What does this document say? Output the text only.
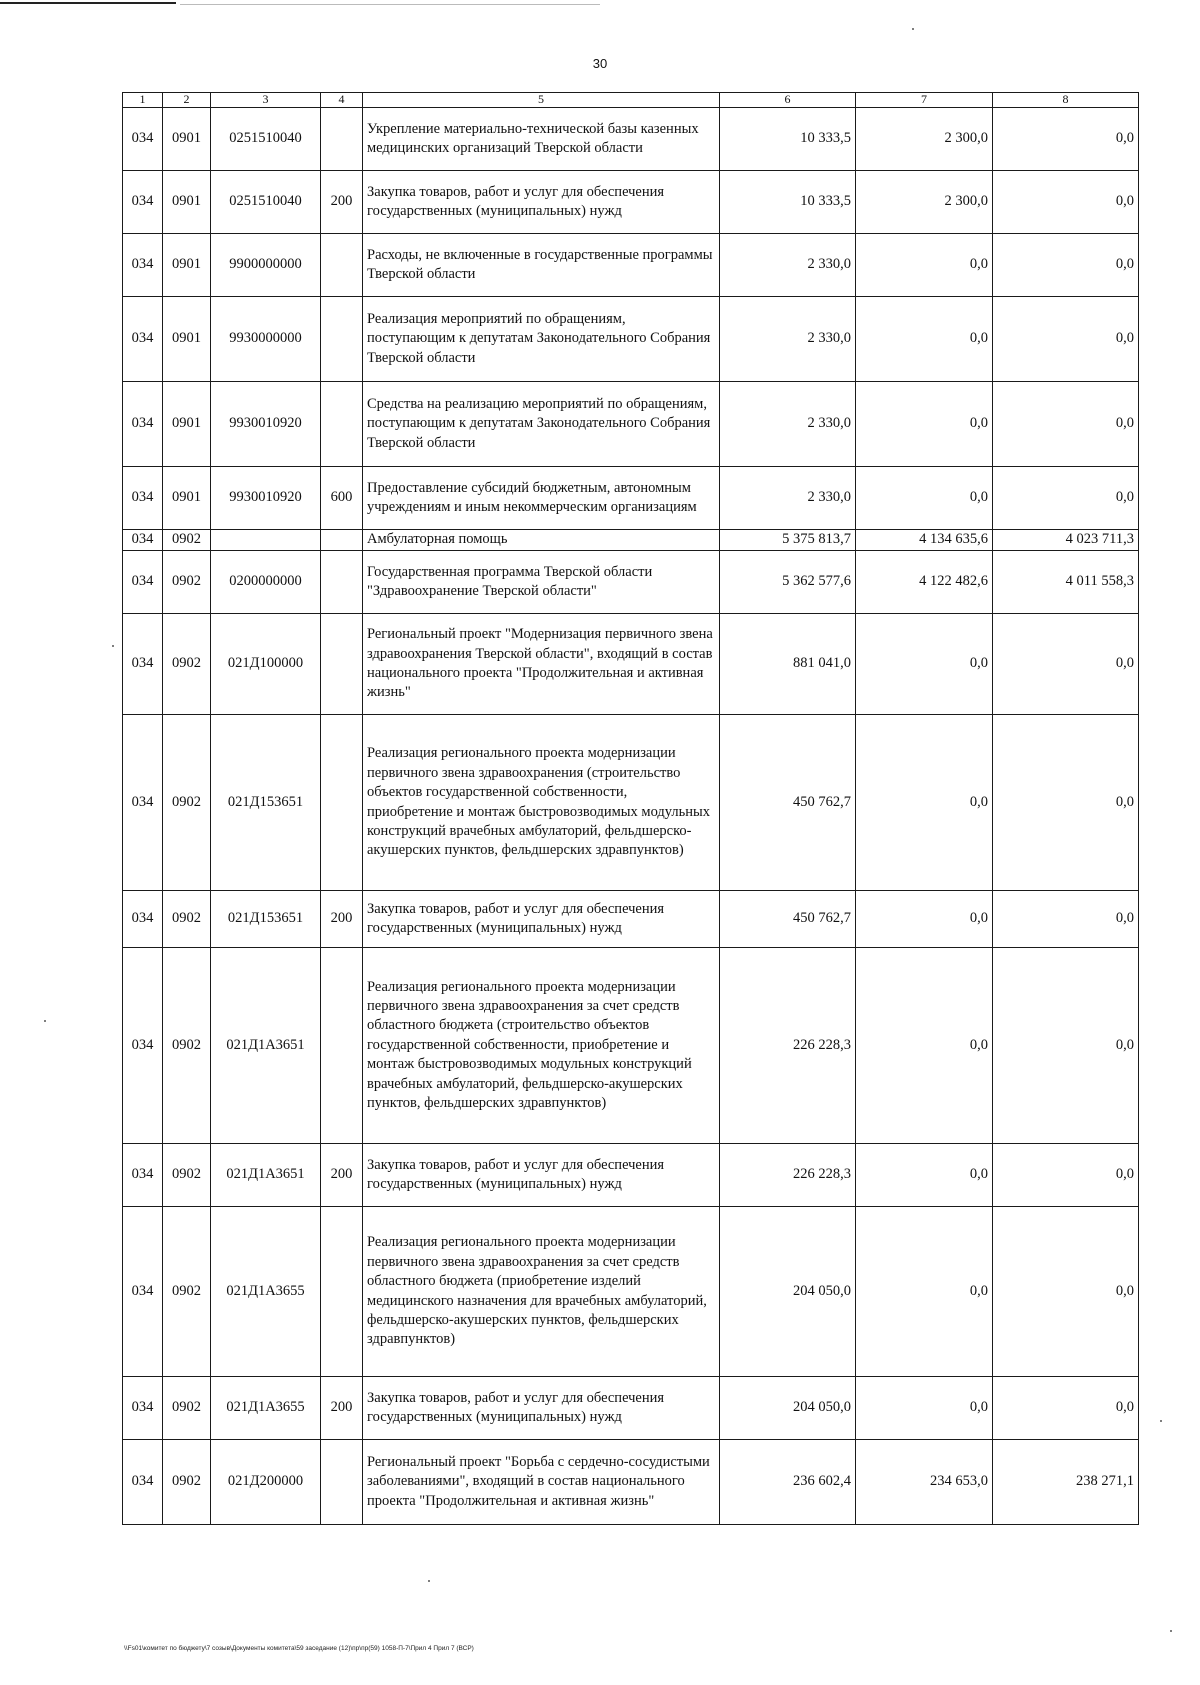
30
1	2	3	4	5	6	7	8
034	0901	0251510040		Укрепление материально-технической базы казенных медицинских организаций Тверской области	10 333,5	2 300,0	0,0
034	0901	0251510040	200	Закупка товаров, работ и услуг для обеспечения государственных (муниципальных) нужд	10 333,5	2 300,0	0,0
034	0901	9900000000		Расходы, не включенные в государственные программы Тверской области	2 330,0	0,0	0,0
034	0901	9930000000		Реализация мероприятий по обращениям, поступающим к депутатам Законодательного Собрания Тверской области	2 330,0	0,0	0,0
034	0901	9930010920		Средства на реализацию мероприятий по обращениям, поступающим к депутатам Законодательного Собрания Тверской области	2 330,0	0,0	0,0
034	0901	9930010920	600	Предоставление субсидий бюджетным, автономным учреждениям и иным некоммерческим организациям	2 330,0	0,0	0,0
034	0902			Амбулаторная помощь	5 375 813,7	4 134 635,6	4 023 711,3
034	0902	0200000000		Государственная программа Тверской области "Здравоохранение Тверской области"	5 362 577,6	4 122 482,6	4 011 558,3
034	0902	021Д100000		Региональный проект "Модернизация первичного звена здравоохранения Тверской области", входящий в состав национального проекта "Продолжительная и активная жизнь"	881 041,0	0,0	0,0
034	0902	021Д153651		Реализация регионального проекта модернизации первичного звена здравоохранения (строительство объектов государственной собственности, приобретение и монтаж быстровозводимых модульных конструкций врачебных амбулаторий, фельдшерско-акушерских пунктов, фельдшерских здравпунктов)	450 762,7	0,0	0,0
034	0902	021Д153651	200	Закупка товаров, работ и услуг для обеспечения государственных (муниципальных) нужд	450 762,7	0,0	0,0
034	0902	021Д1А3651		Реализация регионального проекта модернизации первичного звена здравоохранения за счет средств областного бюджета (строительство объектов государственной собственности, приобретение и монтаж быстровозводимых модульных конструкций врачебных амбулаторий, фельдшерско-акушерских пунктов, фельдшерских здравпунктов)	226 228,3	0,0	0,0
034	0902	021Д1А3651	200	Закупка товаров, работ и услуг для обеспечения государственных (муниципальных) нужд	226 228,3	0,0	0,0
034	0902	021Д1А3655		Реализация регионального проекта модернизации первичного звена здравоохранения за счет средств областного бюджета (приобретение изделий медицинского назначения для врачебных амбулаторий, фельдшерско-акушерских пунктов, фельдшерских здравпунктов)	204 050,0	0,0	0,0
034	0902	021Д1А3655	200	Закупка товаров, работ и услуг для обеспечения государственных (муниципальных) нужд	204 050,0	0,0	0,0
034	0902	021Д200000		Региональный проект "Борьба с сердечно-сосудистыми заболеваниями", входящий в состав национального проекта "Продолжительная и активная жизнь"	236 602,4	234 653,0	238 271,1
\\Fs01\комитет по бюджету\7 созыв\Документы комитета\59 заседание (12)\пр\пр(59) 1058-П-7\Прил 4 Прил 7 (ВСР)
